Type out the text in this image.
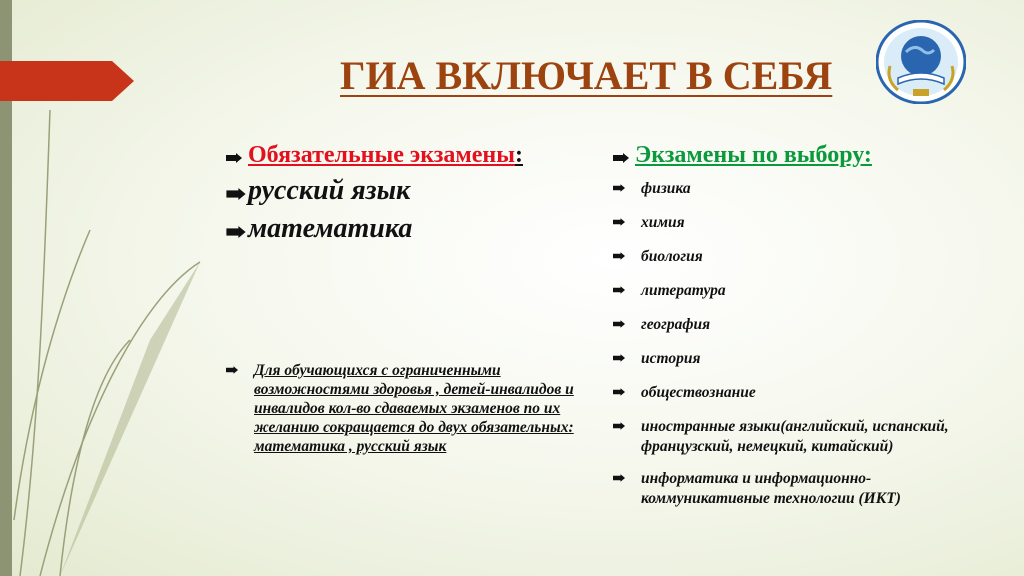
ГИА ВКЛЮЧАЕТ В СЕБЯ
Обязательные экзамены:
русский язык
математика
Для обучающихся с ограниченными возможностями здоровья , детей-инвалидов и инвалидов кол-во сдаваемых экзаменов по их желанию сокращается до двух обязательных: математика , русский язык
Экзамены по выбору:
физика
химия
биология
литература
география
история
обществознание
иностранные языки(английский, испанский, французский, немецкий, китайский)
информатика и информационно-коммуникативные технологии (ИКТ)
